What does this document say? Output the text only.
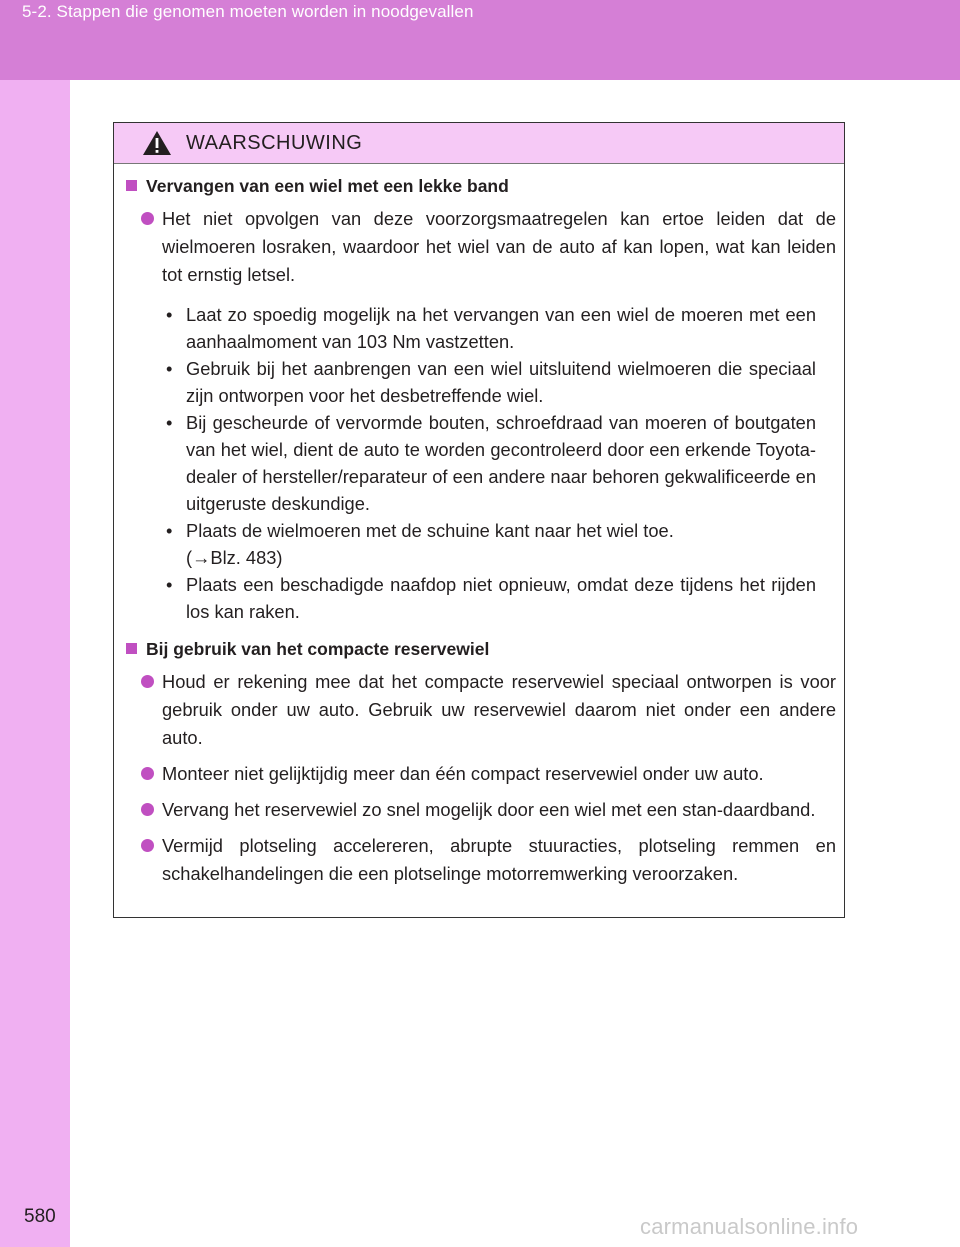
5-2. Stappen die genomen moeten worden in noodgevallen
580	carmanualsonline.info
WAARSCHUWING
Vervangen van een wiel met een lekke band
Het niet opvolgen van deze voorzorgsmaatregelen kan ertoe leiden dat de wielmoeren losraken, waardoor het wiel van de auto af kan lopen, wat kan leiden tot ernstig letsel.
• Laat zo spoedig mogelijk na het vervangen van een wiel de moeren met een aanhaalmoment van 103 Nm vastzetten.
• Gebruik bij het aanbrengen van een wiel uitsluitend wielmoeren die speciaal zijn ontworpen voor het desbetreffende wiel.
• Bij gescheurde of vervormde bouten, schroefdraad van moeren of boutgaten van het wiel, dient de auto te worden gecontroleerd door een erkende Toyota-dealer of hersteller/reparateur of een andere naar behoren gekwalificeerde en uitgeruste deskundige.
• Plaats de wielmoeren met de schuine kant naar het wiel toe.
(→Blz. 483)
• Plaats een beschadigde naafdop niet opnieuw, omdat deze tijdens het rijden los kan raken.
Bij gebruik van het compacte reservewiel
Houd er rekening mee dat het compacte reservewiel speciaal ontworpen is voor gebruik onder uw auto. Gebruik uw reservewiel daarom niet onder een andere auto.
Monteer niet gelijktijdig meer dan één compact reservewiel onder uw auto.
Vervang het reservewiel zo snel mogelijk door een wiel met een stan-daardband.
Vermijd plotseling accelereren, abrupte stuuracties, plotseling remmen en schakelhandelingen die een plotselinge motorremwerking veroorzaken.
